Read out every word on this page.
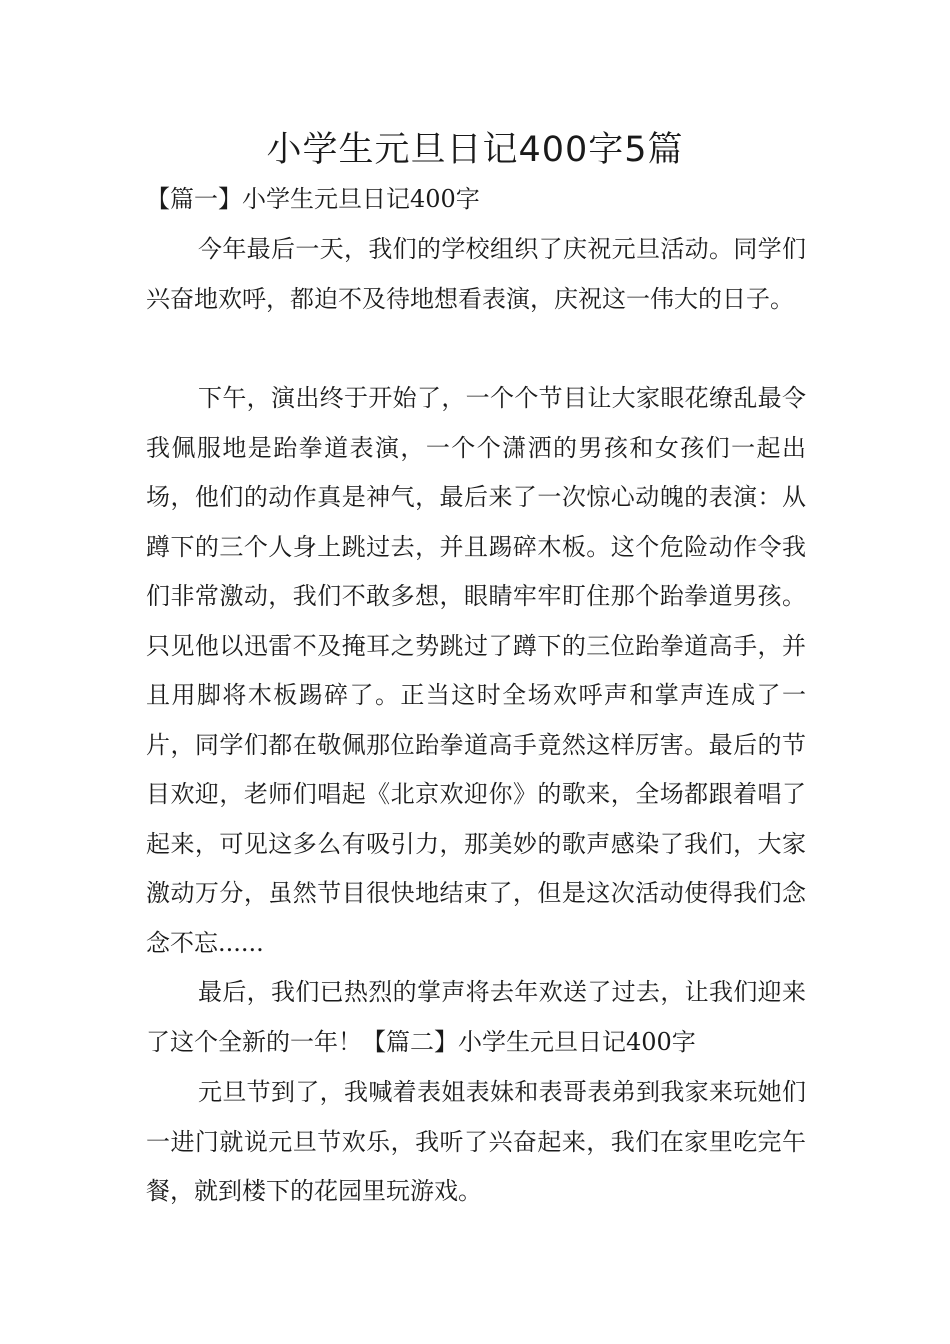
小学生元旦日记400字5篇
【篇一】小学生元旦日记400字

今年最后一天，我们的学校组织了庆祝元旦活动。同学们兴奋地欢呼，都迫不及待地想看表演，庆祝这一伟大的日子。

下午，演出终于开始了，一个个节目让大家眼花缭乱最令我佩服地是跆拳道表演，一个个潇洒的男孩和女孩们一起出场，他们的动作真是神气，最后来了一次惊心动魄的表演：从蹲下的三个人身上跳过去，并且踢碎木板。这个危险动作令我们非常激动，我们不敢多想，眼睛牢牢盯住那个跆拳道男孩。只见他以迅雷不及掩耳之势跳过了蹲下的三位跆拳道高手，并且用脚将木板踢碎了。正当这时全场欢呼声和掌声连成了一片，同学们都在敬佩那位跆拳道高手竟然这样厉害。最后的节目欢迎，老师们唱起《北京欢迎你》的歌来，全场都跟着唱了起来，可见这多么有吸引力，那美妙的歌声感染了我们，大家激动万分，虽然节目很快地结束了，但是这次活动使得我们念念不忘......

最后，我们已热烈的掌声将去年欢送了过去，让我们迎来了这个全新的一年！【篇二】小学生元旦日记400字

元旦节到了，我喊着表姐表妹和表哥表弟到我家来玩她们一进门就说元旦节欢乐，我听了兴奋起来，我们在家里吃完午餐，就到楼下的花园里玩游戏。
